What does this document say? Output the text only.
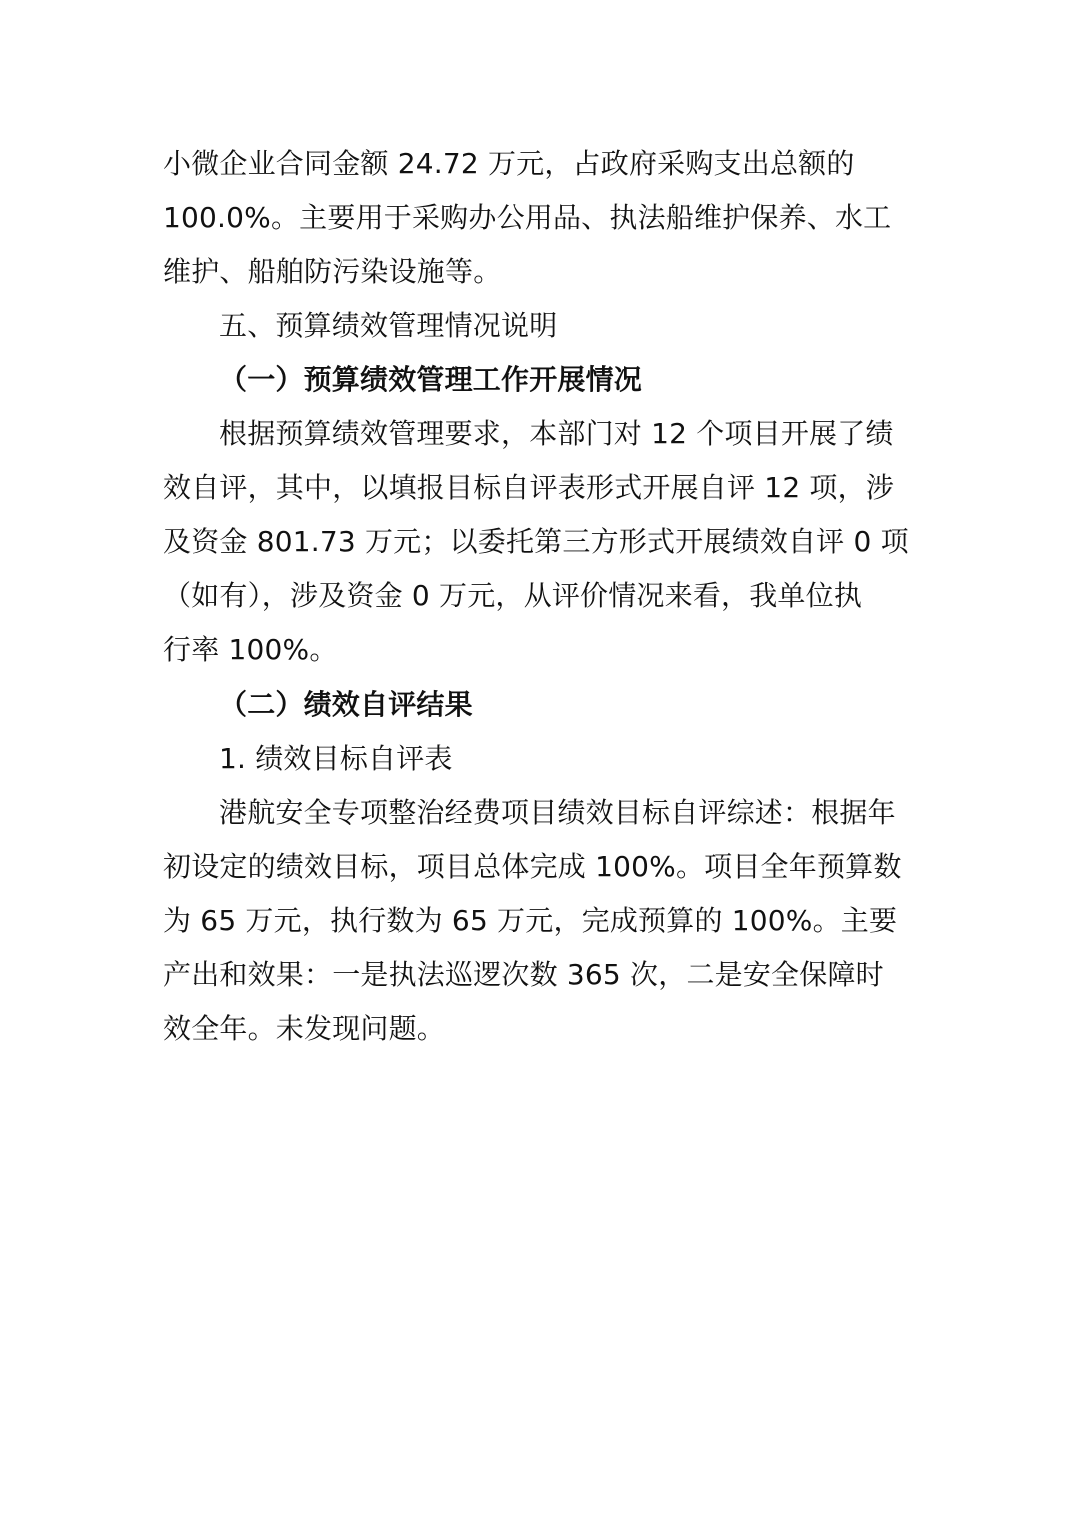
小微企业合同金额 24.72 万元，占政府采购支出总额的
100.0%。主要用于采购办公用品、执法船维护保养、水工
维护、船舶防污染设施等。
五、预算绩效管理情况说明
（一）预算绩效管理工作开展情况
根据预算绩效管理要求，本部门对 12 个项目开展了绩
效自评，其中，以填报目标自评表形式开展自评 12 项，涉
及资金 801.73 万元；以委托第三方形式开展绩效自评 0 项
（如有），涉及资金 0 万元，从评价情况来看，我单位执
行率 100%。
（二）绩效自评结果
1. 绩效目标自评表
港航安全专项整治经费项目绩效目标自评综述：根据年
初设定的绩效目标，项目总体完成 100%。项目全年预算数
为 65 万元，执行数为 65 万元，完成预算的 100%。主要
产出和效果：一是执法巡逻次数 365 次，二是安全保障时
效全年。未发现问题。
